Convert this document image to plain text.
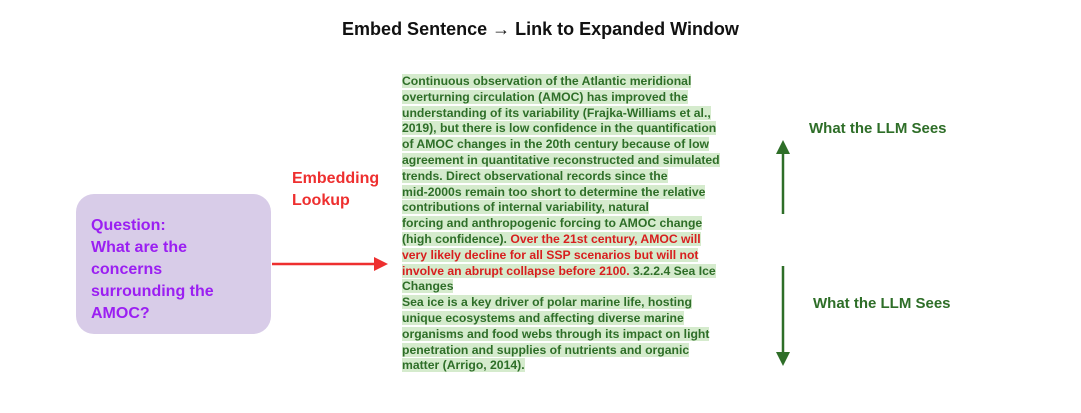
Embed Sentence → Link to Expanded Window
Question:
What are the
concerns
surrounding the
AMOC?
Embedding
Lookup
Continuous observation of the Atlantic meridional
overturning circulation (AMOC) has improved the
understanding of its variability (Frajka-Williams et al.,
2019), but there is low confidence in the quantification
of AMOC changes in the 20th century because of low
agreement in quantitative reconstructed and simulated
trends. Direct observational records since the
mid-2000s remain too short to determine the relative
contributions of internal variability, natural
forcing and anthropogenic forcing to AMOC change
(high confidence). Over the 21st century, AMOC will
very likely decline for all SSP scenarios but will not
involve an abrupt collapse before 2100. 3.2.2.4 Sea Ice
Changes
Sea ice is a key driver of polar marine life, hosting
unique ecosystems and affecting diverse marine
organisms and food webs through its impact on light
penetration and supplies of nutrients and organic
matter (Arrigo, 2014).
What the LLM Sees
What the LLM Sees
